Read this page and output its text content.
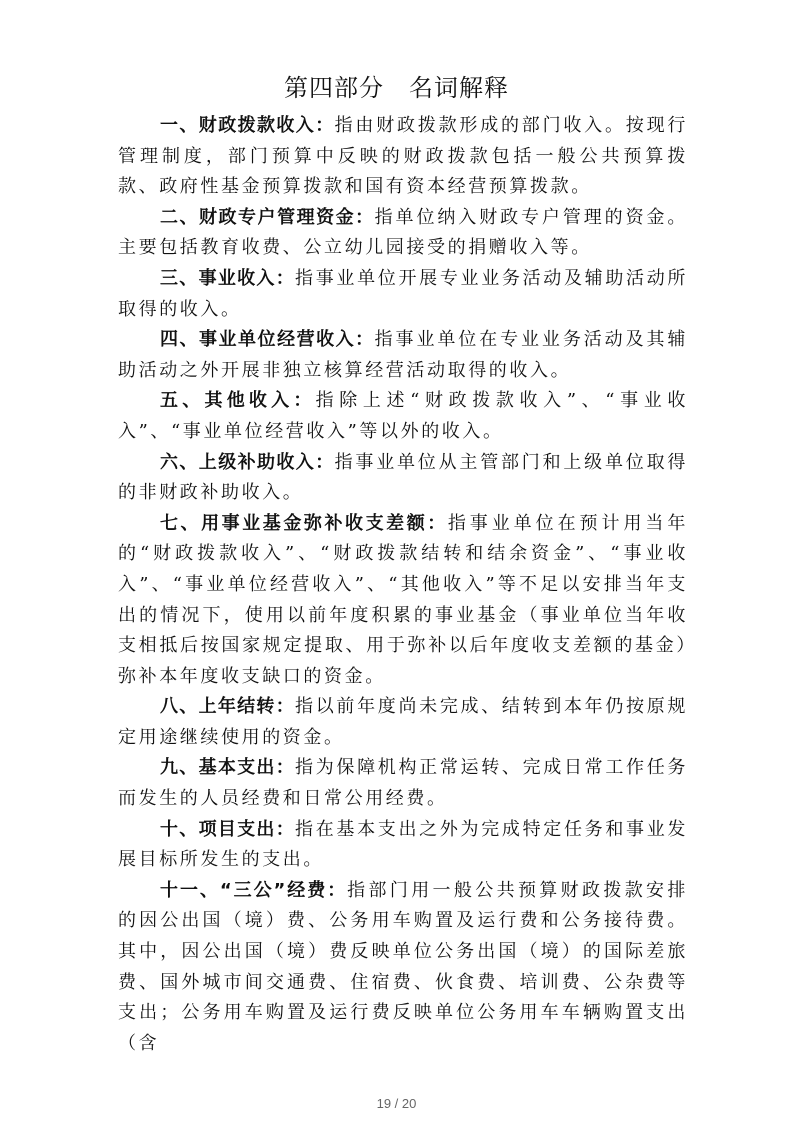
第四部分　名词解释

一、财政拨款收入：指由财政拨款形成的部门收入。按现行管理制度，部门预算中反映的财政拨款包括一般公共预算拨款、政府性基金预算拨款和国有资本经营预算拨款。

二、财政专户管理资金：指单位纳入财政专户管理的资金。主要包括教育收费、公立幼儿园接受的捐赠收入等。

三、事业收入：指事业单位开展专业业务活动及辅助活动所取得的收入。

四、事业单位经营收入：指事业单位在专业业务活动及其辅助活动之外开展非独立核算经营活动取得的收入。

五、其他收入：指除上述“财政拨款收入”、“事业收入”、“事业单位经营收入”等以外的收入。

六、上级补助收入：指事业单位从主管部门和上级单位取得的非财政补助收入。

七、用事业基金弥补收支差额：指事业单位在预计用当年的“财政拨款收入”、“财政拨款结转和结余资金”、“事业收入”、“事业单位经营收入”、“其他收入”等不足以安排当年支出的情况下，使用以前年度积累的事业基金（事业单位当年收支相抵后按国家规定提取、用于弥补以后年度收支差额的基金）弥补本年度收支缺口的资金。

八、上年结转：指以前年度尚未完成、结转到本年仍按原规定用途继续使用的资金。

九、基本支出：指为保障机构正常运转、完成日常工作任务而发生的人员经费和日常公用经费。

十、项目支出：指在基本支出之外为完成特定任务和事业发展目标所发生的支出。

十一、“三公”经费：指部门用一般公共预算财政拨款安排的因公出国（境）费、公务用车购置及运行费和公务接待费。其中，因公出国（境）费反映单位公务出国（境）的国际差旅费、国外城市间交通费、住宿费、伙食费、培训费、公杂费等支出；公务用车购置及运行费反映单位公务用车车辆购置支出（含

19 / 20
